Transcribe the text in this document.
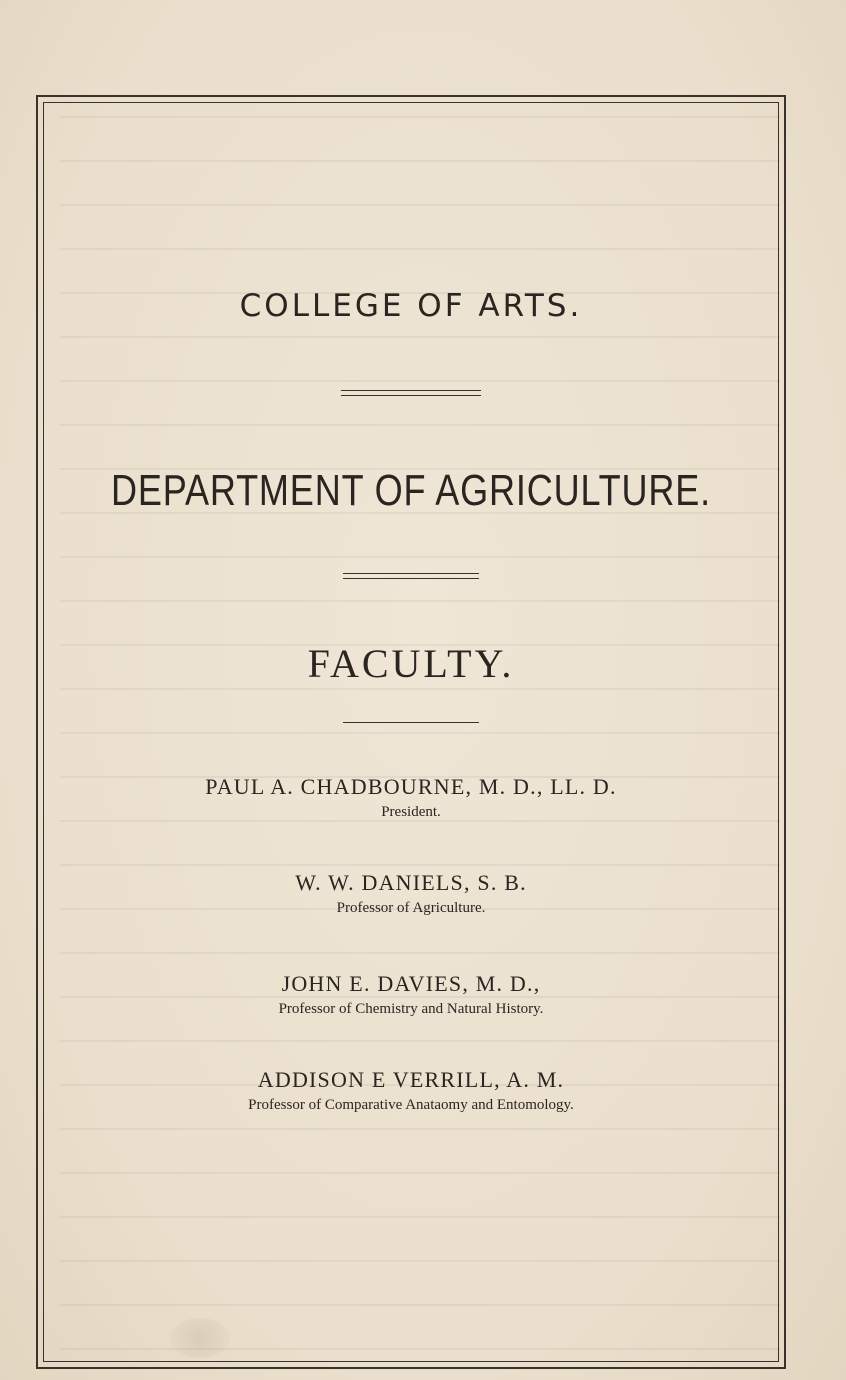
COLLEGE OF ARTS.
DEPARTMENT OF AGRICULTURE.
FACULTY.
PAUL A. CHADBOURNE, M. D., LL. D.
President.
W. W. DANIELS, S. B.
Professor of Agriculture.
JOHN E. DAVIES, M. D.,
Professor of Chemistry and Natural History.
ADDISON E VERRILL, A. M.
Professor of Comparative Anataomy and Entomology.
